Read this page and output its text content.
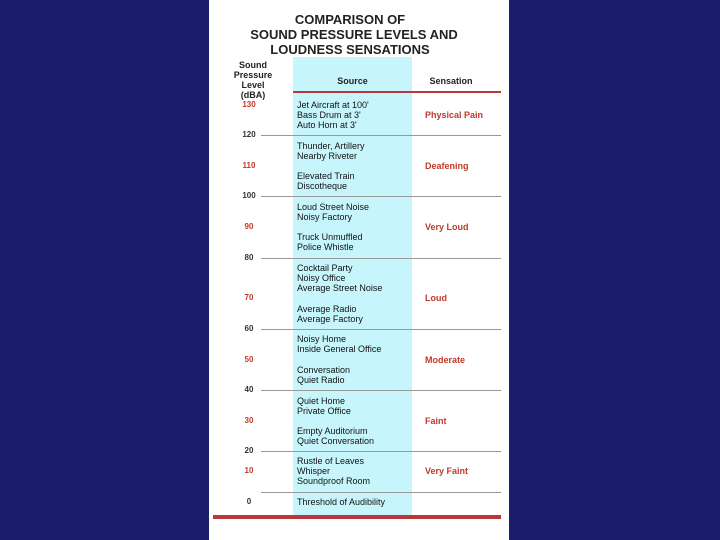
COMPARISON OF
SOUND PRESSURE LEVELS AND
LOUDNESS SENSATIONS
Sound
Pressure Level
(dBA)
Source	Sensation
130
120
110
100
90
80
70
60
50
40
30
20
10
0
Jet Aircraft at 100'
Bass Drum at 3'
Auto Horn at 3'
Thunder, Artillery
Nearby Riveter
Elevated Train
Discotheque
Loud Street Noise
Noisy Factory
Truck Unmuffled
Police Whistle
Cocktail Party
Noisy Office
Average Street Noise
Average Radio
Average Factory
Noisy Home
Inside General Office
Conversation
Quiet Radio
Quiet Home
Private Office
Empty Auditorium
Quiet Conversation
Rustle of Leaves
Whisper
Soundproof Room
Threshold of Audibility
Physical Pain
Deafening
Very Loud
Loud
Moderate
Faint
Very Faint
